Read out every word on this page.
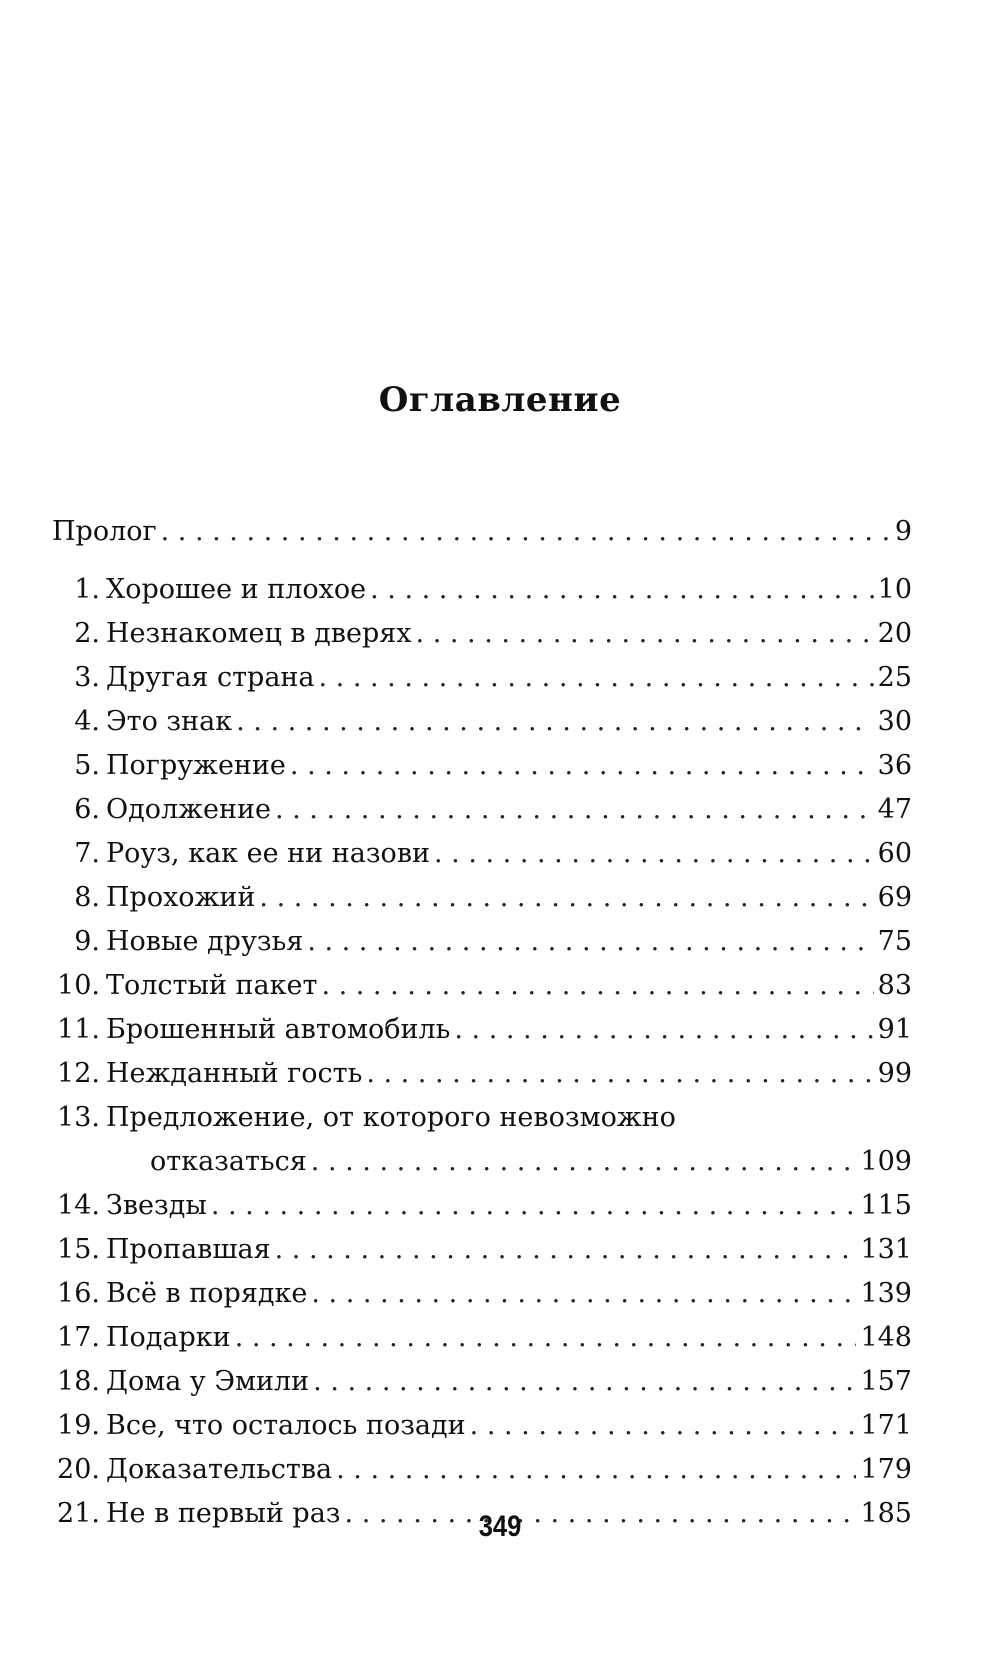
Оглавление
Пролог . . .	9
1. Хорошее и плохое . . .	10
2. Незнакомец в дверях . . .	20
3. Другая страна . . .	25
4. Это знак . . .	30
5. Погружение . . .	36
6. Одолжение . . .	47
7. Роуз, как ее ни назови . . .	60
8. Прохожий . . .	69
9. Новые друзья . . .	75
10. Толстый пакет . . .	83
11. Брошенный автомобиль . . .	91
12. Нежданный гость . . .	99
13. Предложение, от которого невозможно
отказаться . . .	109
14. Звезды . . .	115
15. Пропавшая . . .	131
16. Всё в порядке . . .	139
17. Подарки . . .	148
18. Дома у Эмили . . .	157
19. Все, что осталось позади . . .	171
20. Доказательства . . .	179
21. Не в первый раз . . .	185
349
